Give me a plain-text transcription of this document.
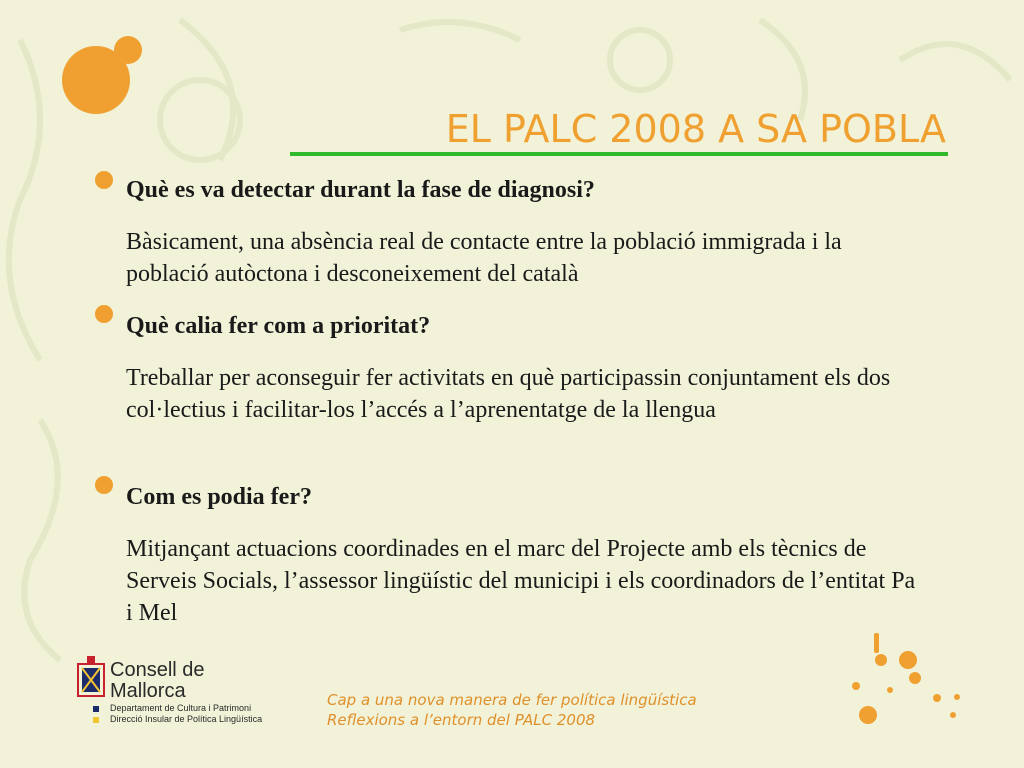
EL PALC 2008 A SA POBLA
Què es va detectar durant la fase de diagnosi?
Bàsicament, una absència real de contacte entre la població immigrada i la població autòctona i desconeixement del català
Què calia fer com a prioritat?
Treballar per aconseguir fer activitats en què participassin conjuntament els dos col·lectius i facilitar-los l’accés a l’aprenentatge de la llengua
Com es podia fer?
Mitjançant actuacions coordinades en el marc del Projecte amb els tècnics de Serveis Socials, l’assessor lingüístic del municipi i els coordinadors de l’entitat Pa i Mel
Consell de
Mallorca
Departament de Cultura i Patrimoni
Direcció Insular de Política Lingüística
Cap a una nova manera de fer política lingüística
Reflexions a l’entorn del PALC 2008
